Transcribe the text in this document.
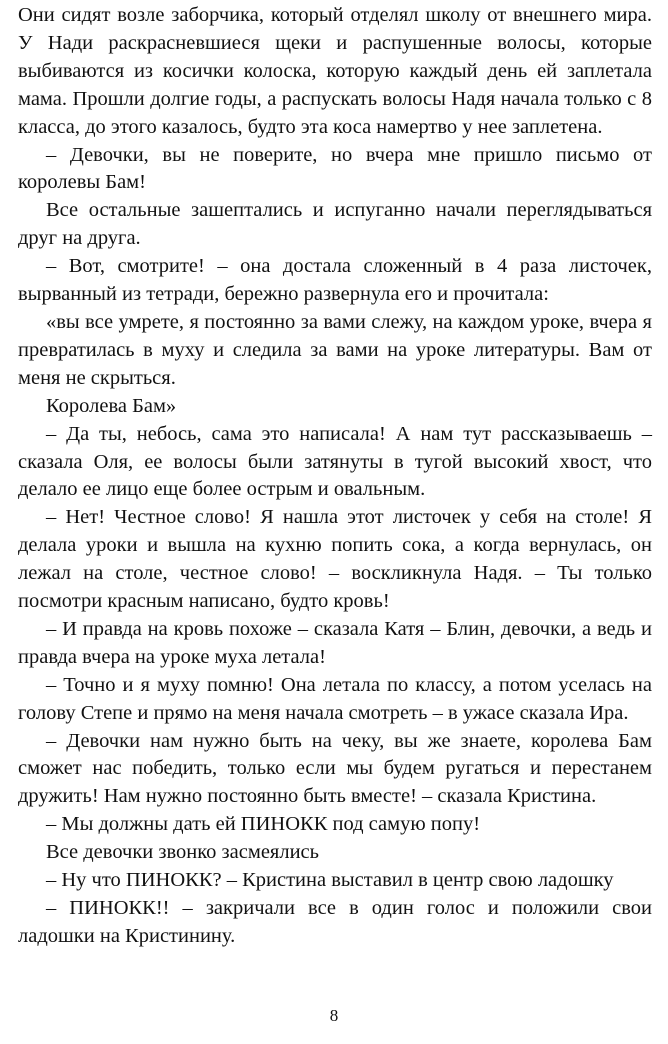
Они сидят возле заборчика, который отделял школу от внешнего мира. У Нади раскрасневшиеся щеки и распушенные волосы, которые выбиваются из косички колоска, которую каждый день ей заплетала мама. Прошли долгие годы, а распускать волосы Надя начала только с 8 класса, до этого казалось, будто эта коса намертво у нее заплетена.

– Девочки, вы не поверите, но вчера мне пришло письмо от королевы Бам!

Все остальные зашептались и испуганно начали переглядываться друг на друга.

– Вот, смотрите! – она достала сложенный в 4 раза листочек, вырванный из тетради, бережно развернула его и прочитала:

«вы все умрете, я постоянно за вами слежу, на каждом уроке, вчера я превратилась в муху и следила за вами на уроке литературы. Вам от меня не скрыться.

Королева Бам»

– Да ты, небось, сама это написала! А нам тут рассказываешь – сказала Оля, ее волосы были затянуты в тугой высокий хвост, что делало ее лицо еще более острым и овальным.

– Нет! Честное слово! Я нашла этот листочек у себя на столе! Я делала уроки и вышла на кухню попить сока, а когда вернулась, он лежал на столе, честное слово! – воскликнула Надя. – Ты только посмотри красным написано, будто кровь!

– И правда на кровь похоже – сказала Катя – Блин, девочки, а ведь и правда вчера на уроке муха летала!

– Точно и я муху помню! Она летала по классу, а потом уселась на голову Степе и прямо на меня начала смотреть – в ужасе сказала Ира.

– Девочки нам нужно быть на чеку, вы же знаете, королева Бам сможет нас победить, только если мы будем ругаться и перестанем дружить! Нам нужно постоянно быть вместе! – сказала Кристина.

– Мы должны дать ей ПИНОКК под самую попу!

Все девочки звонко засмеялись

– Ну что ПИНОКК? – Кристина выставил в центр свою ладошку

– ПИНОКК!! – закричали все в один голос и положили свои ладошки на Кристинину.

8
